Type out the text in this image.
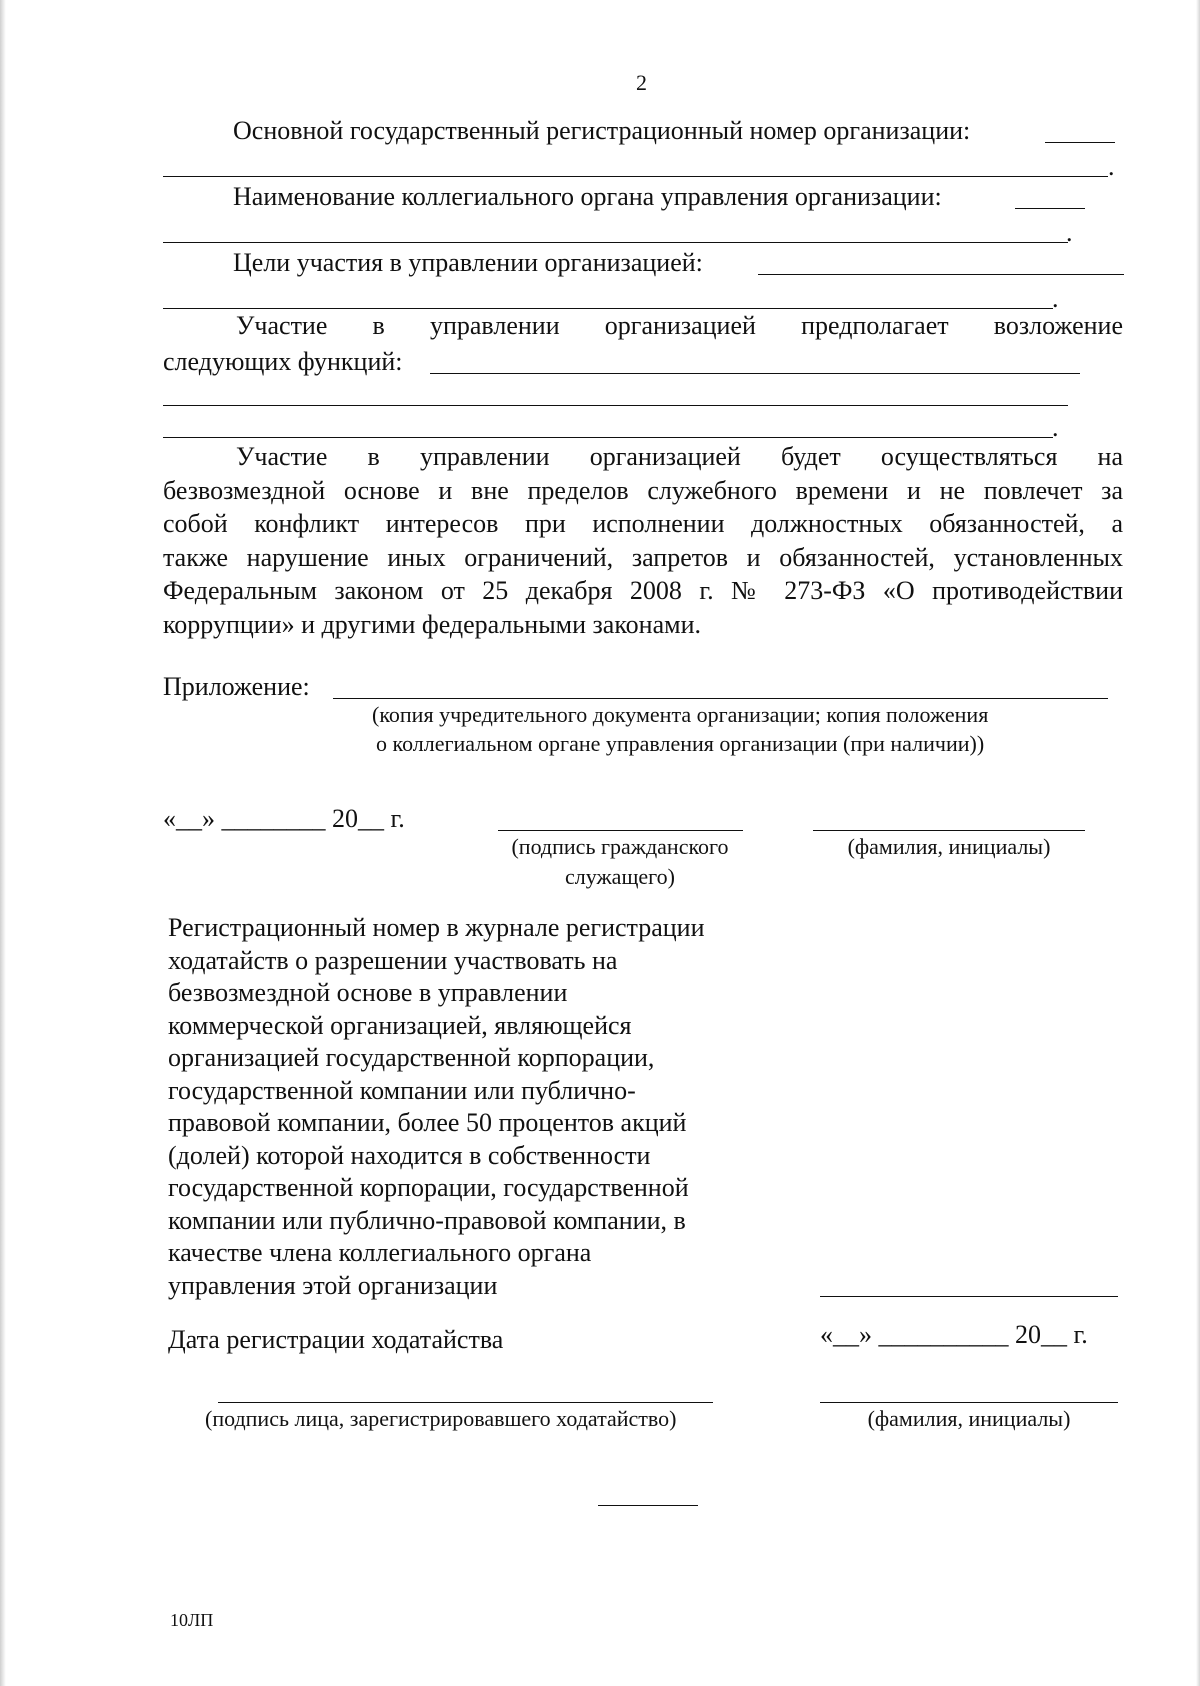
2
Основной государственный регистрационный номер организации:
.
Наименование коллегиального органа управления организации:
.
Цели участия в управлении организацией:
.
Участие в управлении организацией предполагает возложение
следующих функций:
.
Участие в управлении организацией будет осуществляться на
безвозмездной основе и вне пределов служебного времени и не повлечет за
собой конфликт интересов при исполнении должностных обязанностей, а
также нарушение иных ограничений, запретов и обязанностей, установленных
Федеральным законом от 25 декабря 2008 г. № 273-ФЗ «О противодействии
коррупции» и другими федеральными законами.
Приложение:
(копия учредительного документа организации; копия положения
о коллегиальном органе управления организации (при наличии))
«__» ________ 20__ г.
(подпись гражданского
служащего)
(фамилия, инициалы)
Регистрационный номер в журнале регистрации
ходатайств о разрешении участвовать на
безвозмездной основе в управлении
коммерческой организацией, являющейся
организацией государственной корпорации,
государственной компании или публично-
правовой компании, более 50 процентов акций
(долей) которой находится в собственности
государственной корпорации, государственной
компании или публично-правовой компании, в
качестве члена коллегиального органа
управления этой организации
Дата регистрации ходатайства	«__» __________ 20__ г.
(подпись лица, зарегистрировавшего ходатайство)	(фамилия, инициалы)
10ЛП
